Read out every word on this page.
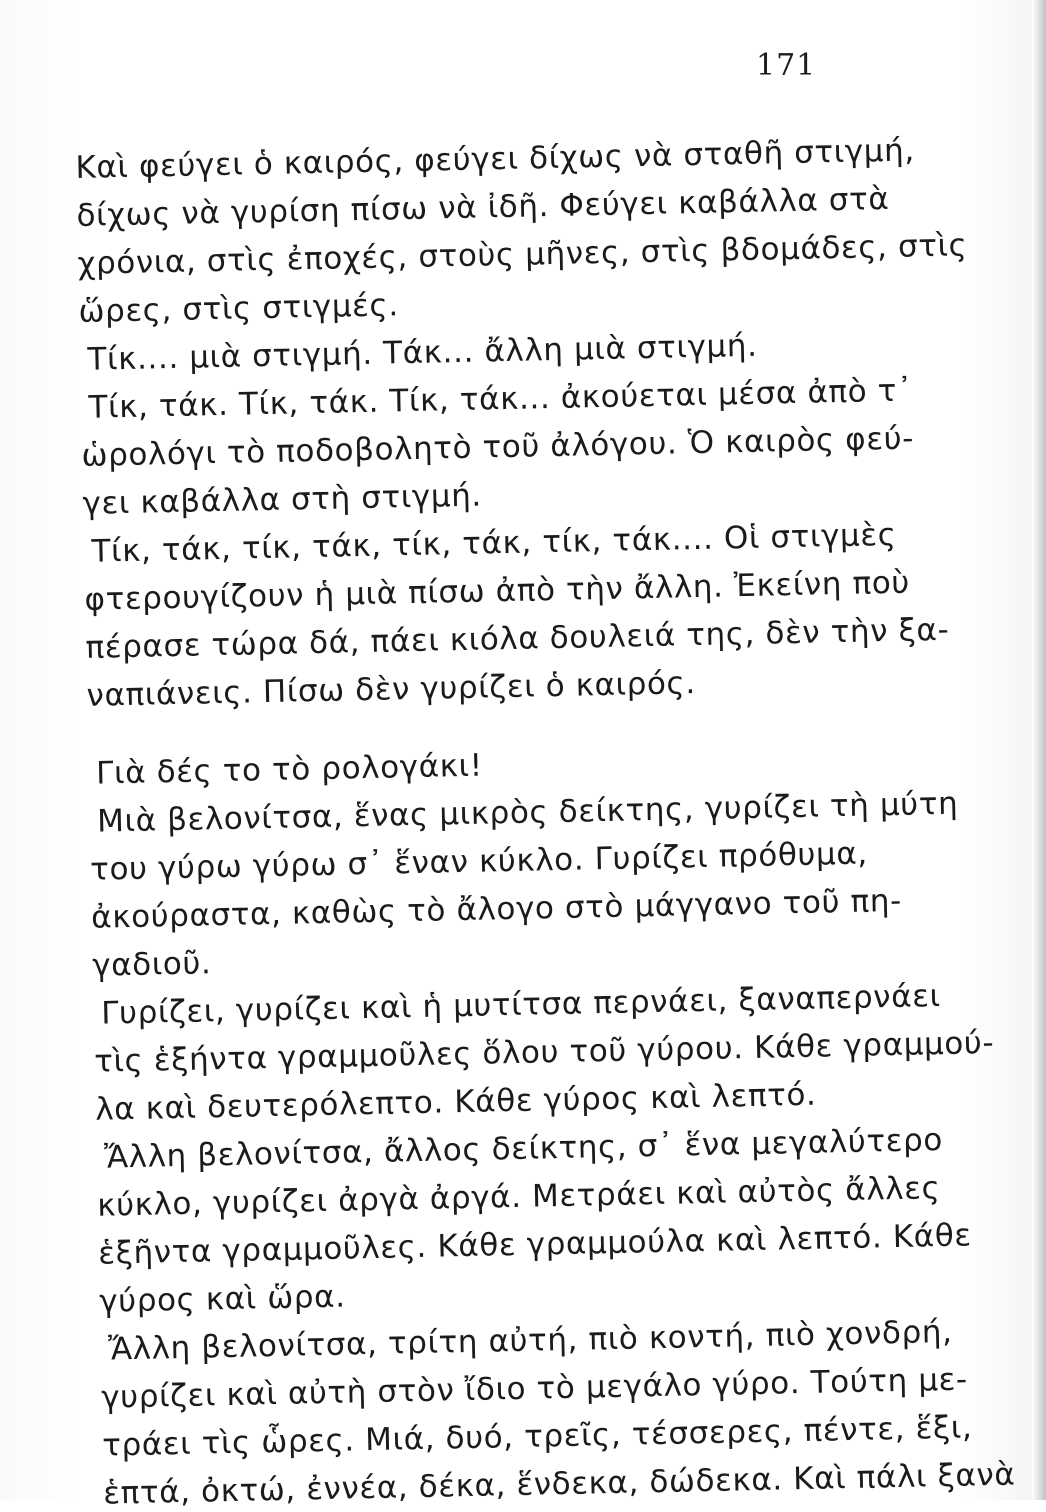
171
Καὶ φεύγει ὁ καιρός, φεύγει δίχως νὰ σταθῆ στιγμή,
δίχως νὰ γυρίση πίσω νὰ ἰδῆ. Φεύγει καβάλλα στὰ
χρόνια, στὶς ἐποχές, στοὺς μῆνες, στὶς βδομάδες, στὶς
ὥρες, στὶς στιγμές.
Τίκ.... μιὰ στιγμή. Τάκ... ἄλλη μιὰ στιγμή.
Τίκ, τάκ. Τίκ, τάκ. Τίκ, τάκ... ἀκούεται μέσα ἀπὸ τ᾽
ὡρολόγι τὸ ποδοβολητὸ τοῦ ἀλόγου. Ὁ καιρὸς φεύ-
γει καβάλλα στὴ στιγμή.
Τίκ, τάκ, τίκ, τάκ, τίκ, τάκ, τίκ, τάκ.... Οἱ στιγμὲς
φτερουγίζουν ἡ μιὰ πίσω ἀπὸ τὴν ἄλλη. Ἐκείνη ποὺ
πέρασε τώρα δά, πάει κιόλα δουλειά της, δὲν τὴν ξα-
ναπιάνεις. Πίσω δὲν γυρίζει ὁ καιρός.
Γιὰ δές το τὸ ρολογάκι!
Μιὰ βελονίτσα, ἕνας μικρὸς δείκτης, γυρίζει τὴ μύτη
του γύρω γύρω σ᾽ ἕναν κύκλο. Γυρίζει πρόθυμα,
ἀκούραστα, καθὼς τὸ ἄλογο στὸ μάγγανο τοῦ πη-
γαδιοῦ.
Γυρίζει, γυρίζει καὶ ἡ μυτίτσα περνάει, ξαναπερνάει
τὶς ἑξήντα γραμμοῦλες ὅλου τοῦ γύρου. Κάθε γραμμού-
λα καὶ δευτερόλεπτο. Κάθε γύρος καὶ λεπτό.
Ἄλλη βελονίτσα, ἄλλος δείκτης, σ᾽ ἕνα μεγαλύτερο
κύκλο, γυρίζει ἀργὰ ἀργά. Μετράει καὶ αὐτὸς ἄλλες
ἑξῆντα γραμμοῦλες. Κάθε γραμμούλα καὶ λεπτό. Κάθε
γύρος καὶ ὥρα.
Ἄλλη βελονίτσα, τρίτη αὐτή, πιὸ κοντή, πιὸ χονδρή,
γυρίζει καὶ αὐτὴ στὸν ἴδιο τὸ μεγάλο γύρο. Τούτη με-
τράει τὶς ὧρες. Μιά, δυό, τρεῖς, τέσσερες, πέντε, ἕξι,
ἑπτά, ὀκτώ, ἐννέα, δέκα, ἕνδεκα, δώδεκα. Καὶ πάλι ξανὰ
